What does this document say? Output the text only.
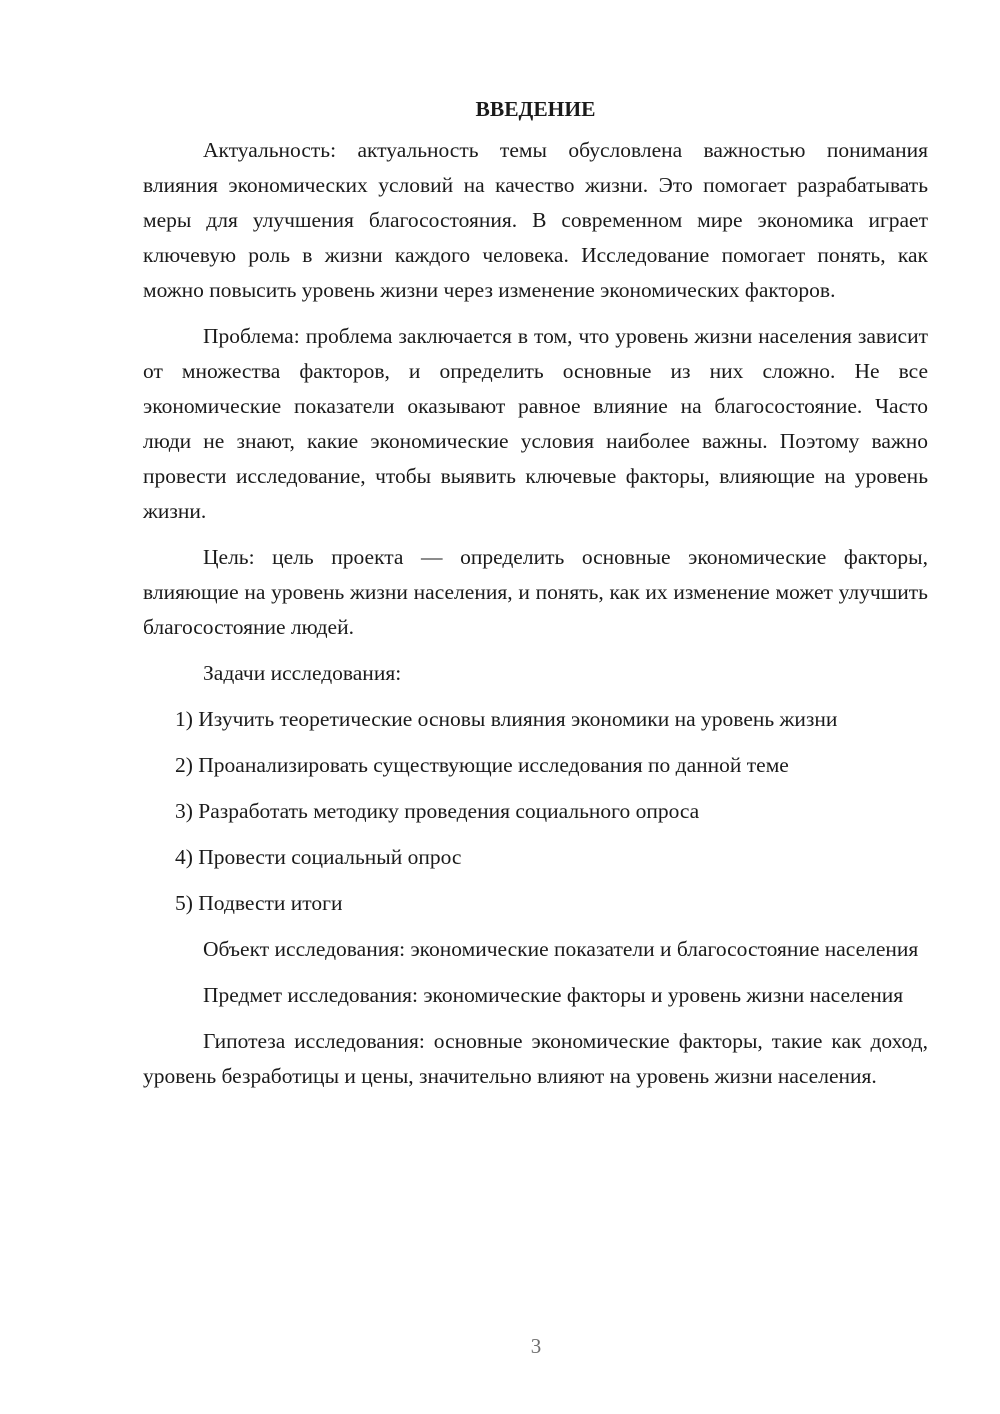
ВВЕДЕНИЕ

Актуальность: актуальность темы обусловлена важностью понимания влияния экономических условий на качество жизни. Это помогает разрабатывать меры для улучшения благосостояния. В современном мире экономика играет ключевую роль в жизни каждого человека. Исследование помогает понять, как можно повысить уровень жизни через изменение экономических факторов.

Проблема: проблема заключается в том, что уровень жизни населения зависит от множества факторов, и определить основные из них сложно. Не все экономические показатели оказывают равное влияние на благосостояние. Часто люди не знают, какие экономические условия наиболее важны. Поэтому важно провести исследование, чтобы выявить ключевые факторы, влияющие на уровень жизни.

Цель: цель проекта — определить основные экономические факторы, влияющие на уровень жизни населения, и понять, как их изменение может улучшить благосостояние людей.

Задачи исследования:

1) Изучить теоретические основы влияния экономики на уровень жизни

2) Проанализировать существующие исследования по данной теме

3) Разработать методику проведения социального опроса

4) Провести социальный опрос

5) Подвести итоги

Объект исследования: экономические показатели и благосостояние населения

Предмет исследования: экономические факторы и уровень жизни населения

Гипотеза исследования: основные экономические факторы, такие как доход, уровень безработицы и цены, значительно влияют на уровень жизни населения.

3
